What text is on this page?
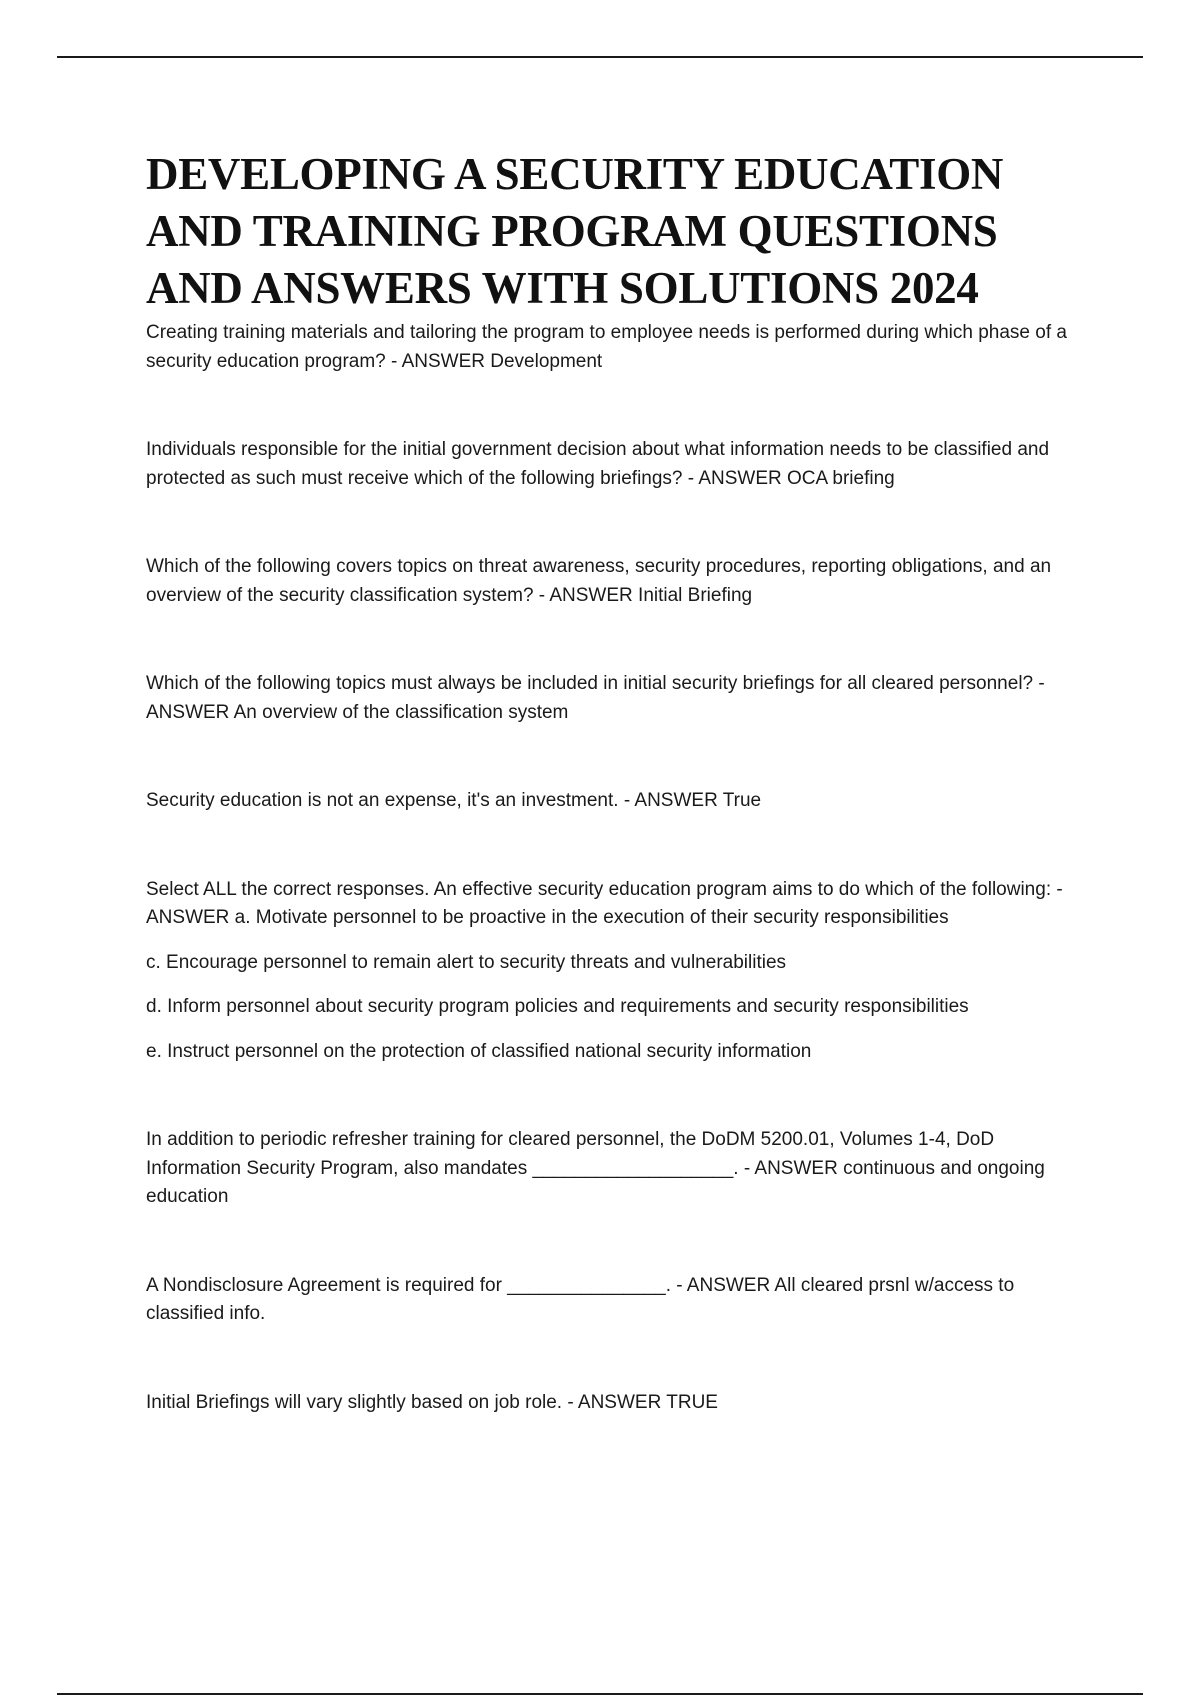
DEVELOPING A SECURITY EDUCATION AND TRAINING PROGRAM QUESTIONS AND ANSWERS WITH SOLUTIONS 2024

Creating training materials and tailoring the program to employee needs is performed during which phase of a security education program? - ANSWER Development

Individuals responsible for the initial government decision about what information needs to be classified and protected as such must receive which of the following briefings? - ANSWER OCA briefing

Which of the following covers topics on threat awareness, security procedures, reporting obligations, and an overview of the security classification system? - ANSWER Initial Briefing

Which of the following topics must always be included in initial security briefings for all cleared personnel? - ANSWER An overview of the classification system

Security education is not an expense, it's an investment. - ANSWER True

Select ALL the correct responses. An effective security education program aims to do which of the following: - ANSWER a. Motivate personnel to be proactive in the execution of their security responsibilities
c. Encourage personnel to remain alert to security threats and vulnerabilities
d. Inform personnel about security program policies and requirements and security responsibilities
e. Instruct personnel on the protection of classified national security information

In addition to periodic refresher training for cleared personnel, the DoDM 5200.01, Volumes 1-4, DoD Information Security Program, also mandates ___________________. - ANSWER continuous and ongoing education

A Nondisclosure Agreement is required for _______________. - ANSWER All cleared prsnl w/access to classified info.

Initial Briefings will vary slightly based on job role. - ANSWER TRUE
